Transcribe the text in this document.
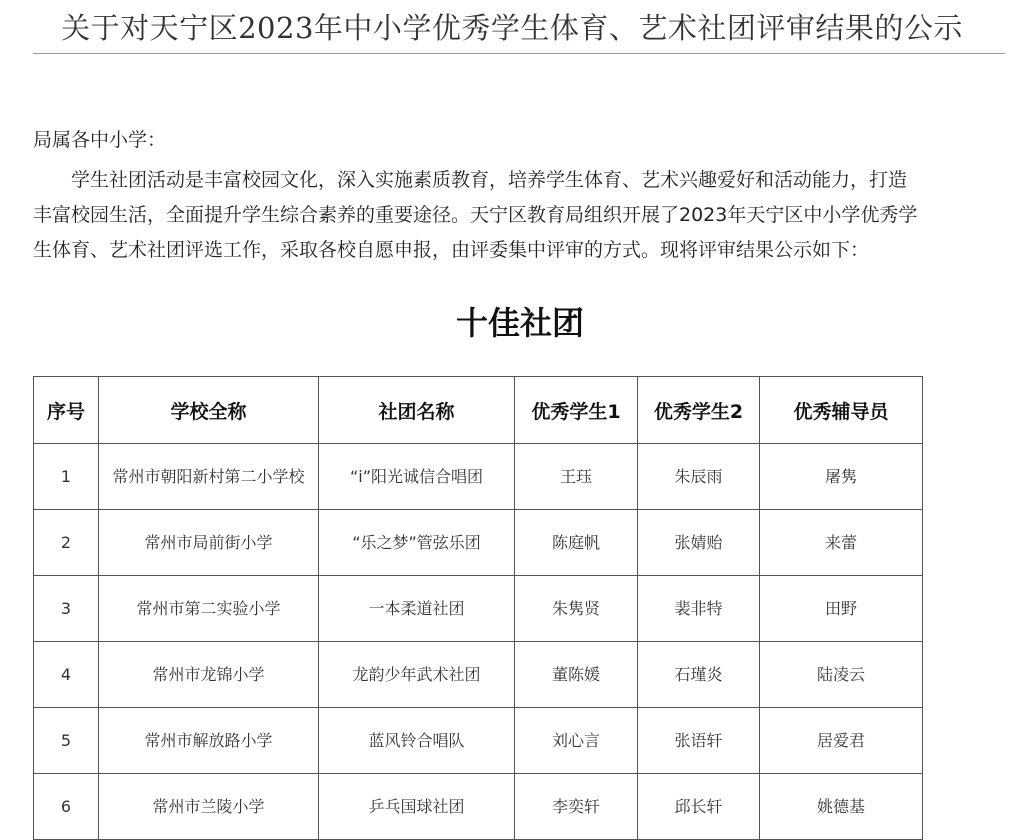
关于对天宁区2023年中小学优秀学生体育、艺术社团评审结果的公示
局属各中小学：
学生社团活动是丰富校园文化，深入实施素质教育，培养学生体育、艺术兴趣爱好和活动能力，打造
丰富校园生活，全面提升学生综合素养的重要途径。天宁区教育局组织开展了2023年天宁区中小学优秀学
生体育、艺术社团评选工作，采取各校自愿申报，由评委集中评审的方式。现将评审结果公示如下：
十佳社团
序号	学校全称	社团名称	优秀学生1	优秀学生2	优秀辅导员
1	常州市朝阳新村第二小学校	“i”阳光诚信合唱团	王珏	朱辰雨	屠隽
2	常州市局前街小学	“乐之梦”管弦乐团	陈庭帆	张婧贻	来蕾
3	常州市第二实验小学	一本柔道社团	朱隽贤	裴非特	田野
4	常州市龙锦小学	龙韵少年武术社团	董陈媛	石瑾炎	陆凌云
5	常州市解放路小学	蓝风铃合唱队	刘心言	张语轩	居爱君
6	常州市兰陵小学	乒乓国球社团	李奕轩	邱长轩	姚德基
